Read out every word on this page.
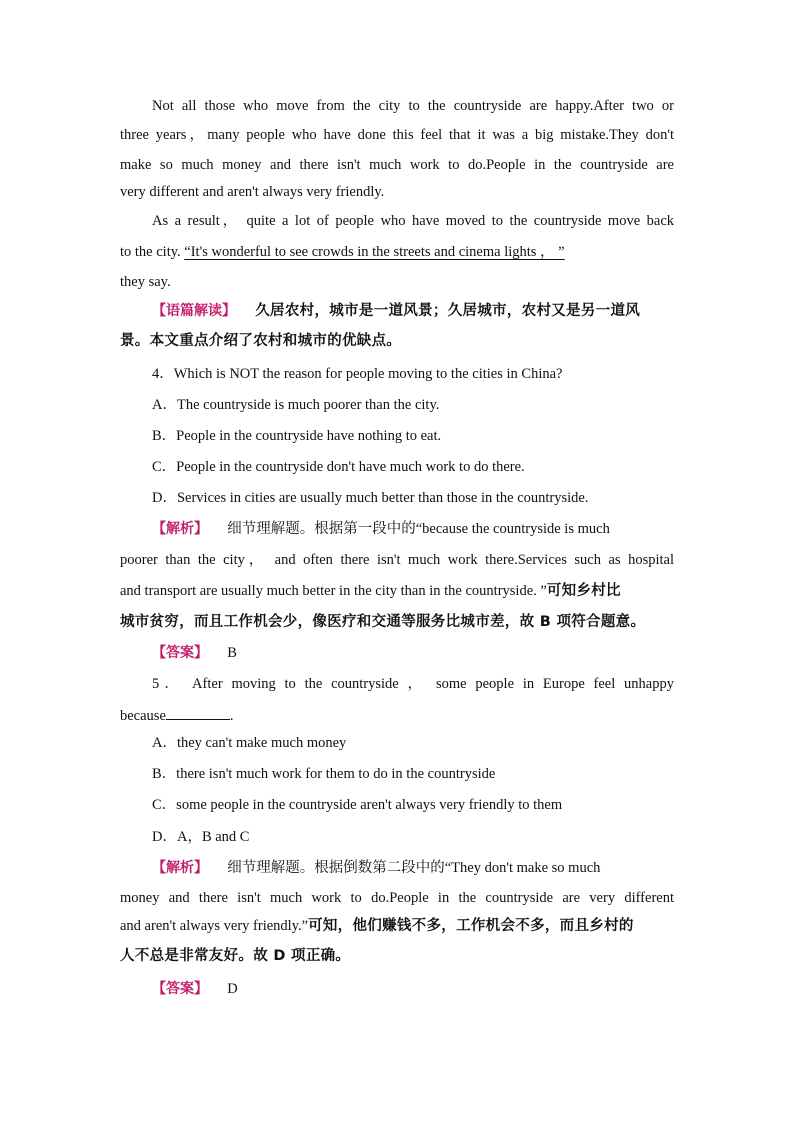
Not all those who move from the city to the countryside are happy.After two or
three years，many people who have done this feel that it was a big mistake.They don't
make so much money and there isn't much work to do.People in the countryside are
very different and aren't always very friendly.
As a result， quite a lot of people who have moved to the countryside move back
to the city. “It's wonderful to see crowds in the streets and cinema lights ， ”
they say.
【语篇解读】 久居农村，城市是一道风景；久居城市，农村又是另一道风
景。本文重点介绍了农村和城市的优缺点。
4．Which is NOT the reason for people moving to the cities in China?
A．The countryside is much poorer than the city.
B．People in the countryside have nothing to eat.
C．People in the countryside don't have much work to do there.
D．Services in cities are usually much better than those in the countryside.
【解析】 细节理解题。根据第一段中的“because the countryside is much
poorer than the city， and often there isn't much work there.Services such as hospital
and transport are usually much better in the city than in the countryside. ”可知乡村比
城市贫穷，而且工作机会少，像医疗和交通等服务比城市差，故 B 项符合题意。
【答案】 B
5． After moving to the countryside ， some people in Europe feel unhappy
because	.
A．they can't make much money
B．there isn't much work for them to do in the countryside
C．some people in the countryside aren't always very friendly to them
D．A，B and C
【解析】 细节理解题。根据倒数第二段中的“They don't make so much
money and there isn't much work to do.People in the countryside are very different
and aren't always very friendly.”可知，他们赚钱不多，工作机会不多，而且乡村的
人不总是非常友好。故 D 项正确。
【答案】 D
